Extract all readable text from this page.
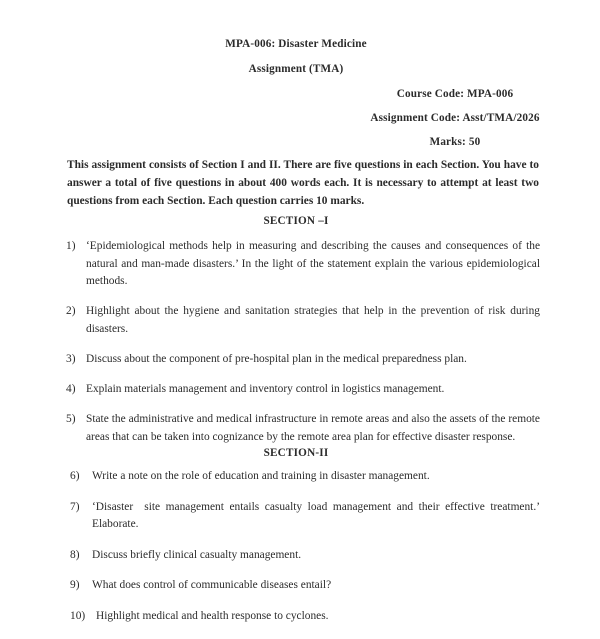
MPA-006: Disaster Medicine
Assignment (TMA)
Course Code: MPA-006
Assignment Code: Asst/TMA/2026
Marks: 50
This assignment consists of Section I and II. There are five questions in each Section. You have to answer a total of five questions in about 400 words each. It is necessary to attempt at least two questions from each Section. Each question carries 10 marks.
SECTION –I
1) ‘Epidemiological methods help in measuring and describing the causes and consequences of the natural and man-made disasters.’ In the light of the statement explain the various epidemiological methods.
2) Highlight about the hygiene and sanitation strategies that help in the prevention of risk during disasters.
3) Discuss about the component of pre-hospital plan in the medical preparedness plan.
4) Explain materials management and inventory control in logistics management.
5) State the administrative and medical infrastructure in remote areas and also the assets of the remote areas that can be taken into cognizance by the remote area plan for effective disaster response.
SECTION-II
6) Write a note on the role of education and training in disaster management.
7) ‘Disaster  site management entails casualty load management and their effective treatment.’ Elaborate.
8) Discuss briefly clinical casualty management.
9) What does control of communicable diseases entail?
10) Highlight medical and health response to cyclones.
